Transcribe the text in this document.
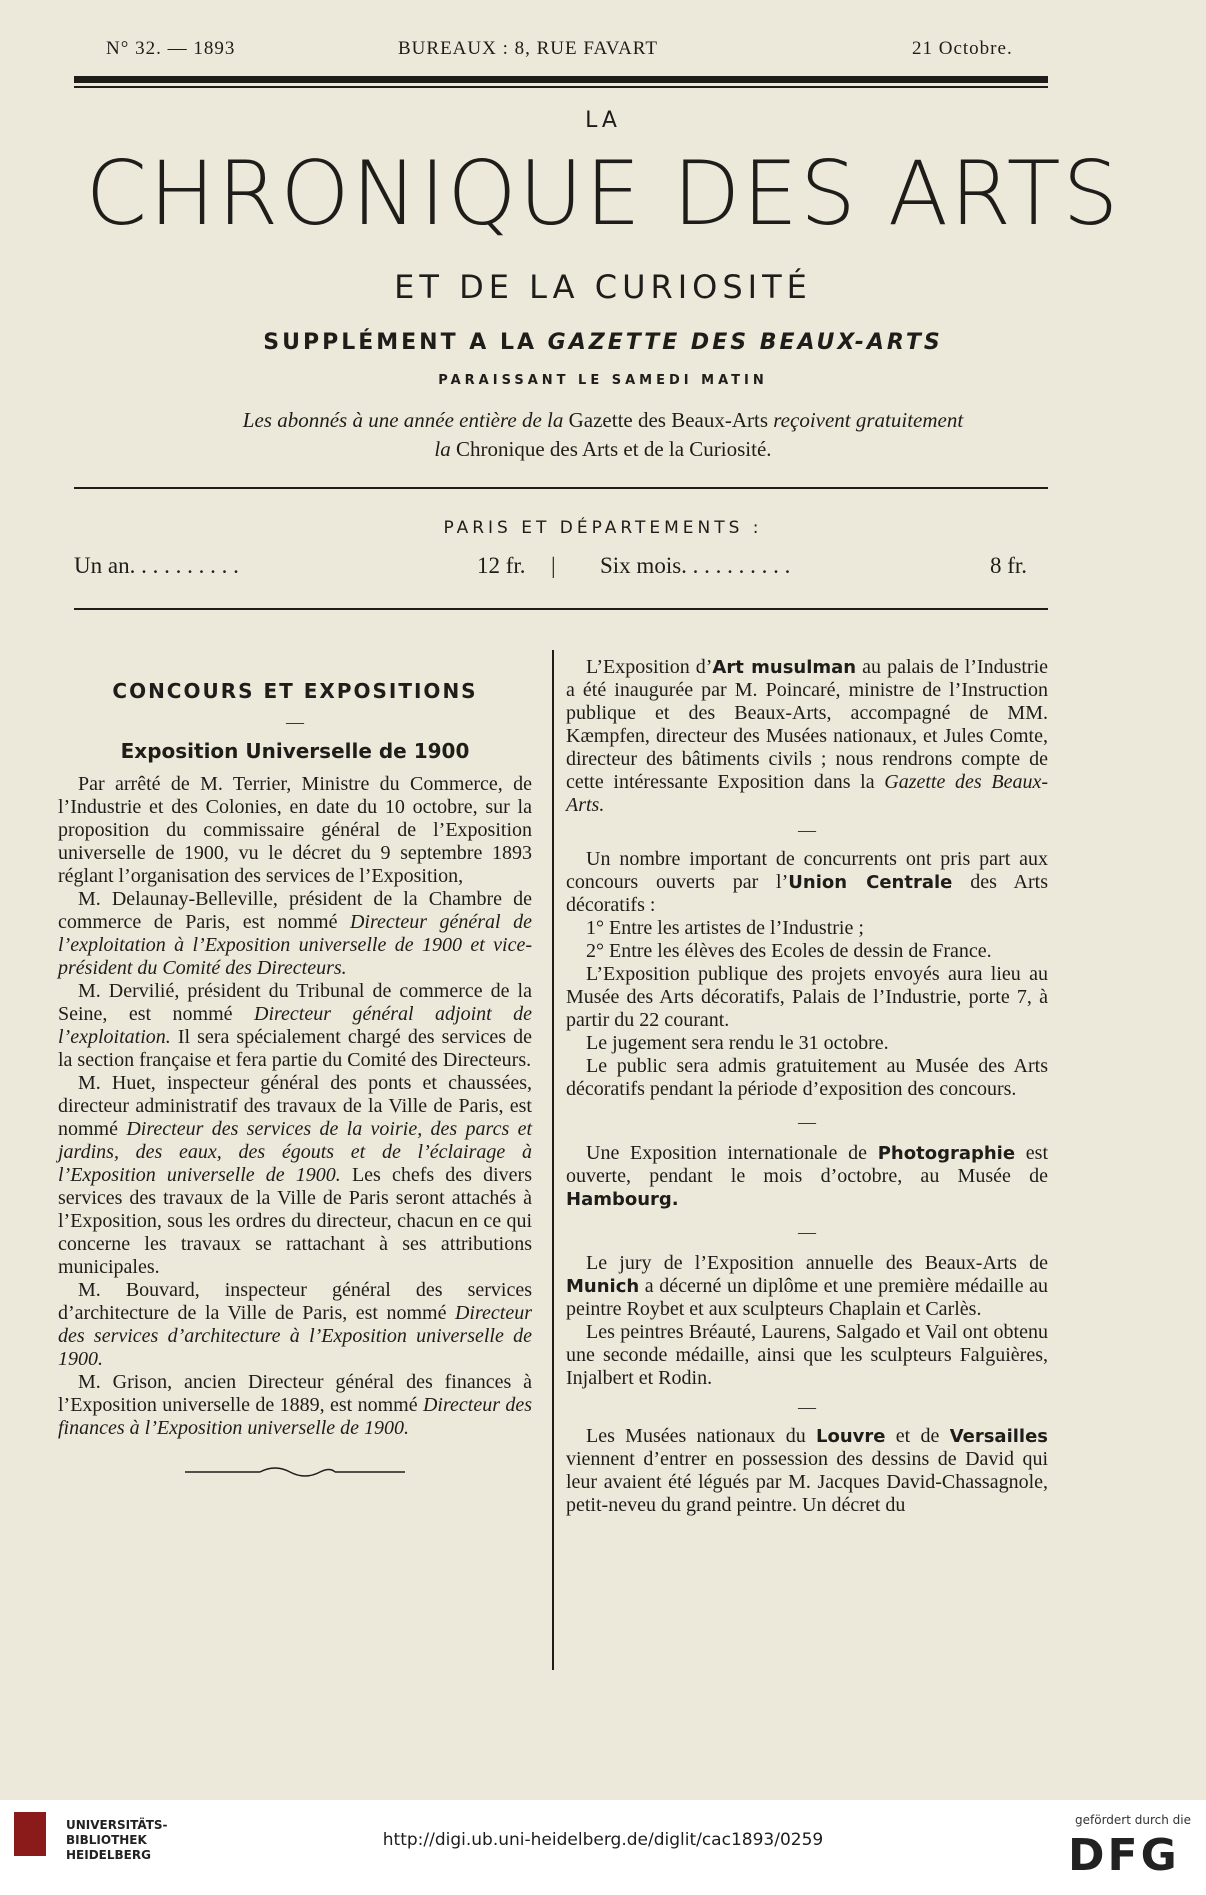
N° 32. — 1893	BUREAUX : 8, RUE FAVART	21 Octobre.
LA
CHRONIQUE DES ARTS
ET DE LA CURIOSITÉ
SUPPLÉMENT A LA GAZETTE DES BEAUX-ARTS
PARAISSANT LE SAMEDI MATIN
Les abonnés à une année entière de la Gazette des Beaux-Arts reçoivent gratuitement
la Chronique des Arts et de la Curiosité.
PARIS ET DÉPARTEMENTS :
Un an. . . . . . . . . .	12 fr. | Six mois. . . . . . . . . .	8 fr.
CONCOURS ET EXPOSITIONS
—
Exposition Universelle de 1900

Par arrêté de M. Terrier, Ministre du Commerce, de l’Industrie et des Colonies, en date du 10 octobre, sur la proposition du commissaire général de l’Exposition universelle de 1900, vu le décret du 9 septembre 1893 réglant l’organisation des services de l’Exposition,

M. Delaunay-Belleville, président de la Chambre de commerce de Paris, est nommé Directeur général de l’exploitation à l’Exposition universelle de 1900 et vice-président du Comité des Directeurs.

M. Dervilié, président du Tribunal de commerce de la Seine, est nommé Directeur général adjoint de l’exploitation. Il sera spécialement chargé des services de la section française et fera partie du Comité des Directeurs.

M. Huet, inspecteur général des ponts et chaussées, directeur administratif des travaux de la Ville de Paris, est nommé Directeur des services de la voirie, des parcs et jardins, des eaux, des égouts et de l’éclairage à l’Exposition universelle de 1900. Les chefs des divers services des travaux de la Ville de Paris seront attachés à l’Exposition, sous les ordres du directeur, chacun en ce qui concerne les travaux se rattachant à ses attributions municipales.

M. Bouvard, inspecteur général des services d’architecture de la Ville de Paris, est nommé Directeur des services d’architecture à l’Exposition universelle de 1900.

M. Grison, ancien Directeur général des finances à l’Exposition universelle de 1889, est nommé Directeur des finances à l’Exposition universelle de 1900.

L’Exposition d’Art musulman au palais de l’Industrie a été inaugurée par M. Poincaré, ministre de l’Instruction publique et des Beaux-Arts, accompagné de MM. Kæmpfen, directeur des Musées nationaux, et Jules Comte, directeur des bâtiments civils ; nous rendrons compte de cette intéressante Exposition dans la Gazette des Beaux-Arts.

—

Un nombre important de concurrents ont pris part aux concours ouverts par l’Union Centrale des Arts décoratifs :

1° Entre les artistes de l’Industrie ;

2° Entre les élèves des Ecoles de dessin de France.

L’Exposition publique des projets envoyés aura lieu au Musée des Arts décoratifs, Palais de l’Industrie, porte 7, à partir du 22 courant.

Le jugement sera rendu le 31 octobre.

Le public sera admis gratuitement au Musée des Arts décoratifs pendant la période d’exposition des concours.

—

Une Exposition internationale de Photographie est ouverte, pendant le mois d’octobre, au Musée de Hambourg.

—

Le jury de l’Exposition annuelle des Beaux-Arts de Munich a décerné un diplôme et une première médaille au peintre Roybet et aux sculpteurs Chaplain et Carlès.

Les peintres Bréauté, Laurens, Salgado et Vail ont obtenu une seconde médaille, ainsi que les sculpteurs Falguières, Injalbert et Rodin.

—

Les Musées nationaux du Louvre et de Versailles viennent d’entrer en possession des dessins de David qui leur avaient été légués par M. Jacques David-Chassagnole, petit-neveu du grand peintre. Un décret du

UNIVERSITÄTS-
BIBLIOTHEK
HEIDELBERG
http://digi.ub.uni-heidelberg.de/diglit/cac1893/0259
gefördert durch die
DFG
